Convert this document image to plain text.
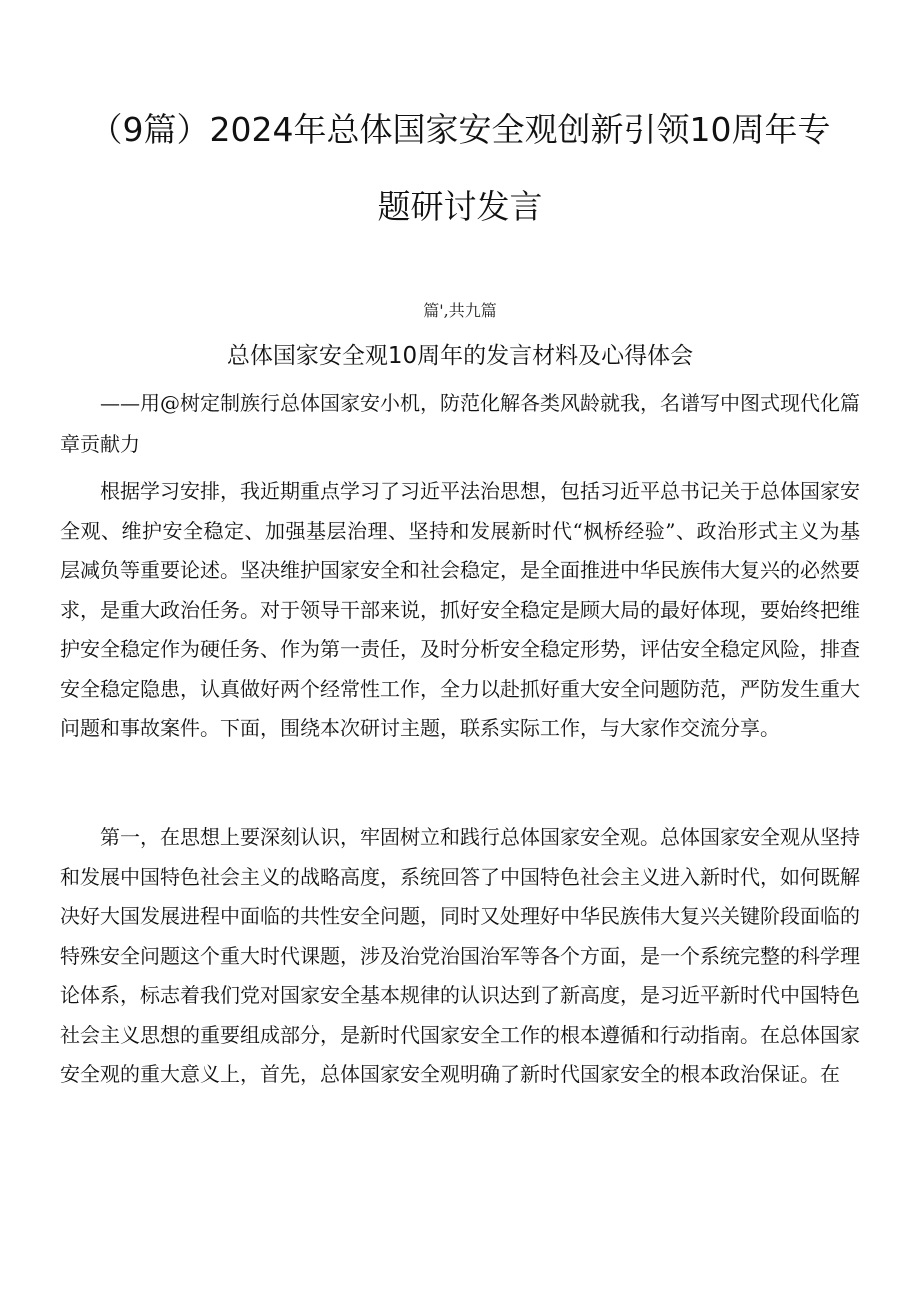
（9篇）2024年总体国家安全观创新引领10周年专
题研讨发言
篇',共九篇
总体国家安全观10周年的发言材料及心得体会
——用@树定制族行总体国家安小机，防范化解各类风龄就我，名谱写中图式现代化篇章贡献力

根据学习安排，我近期重点学习了习近平法治思想，包括习近平总书记关于总体国家安全观、维护安全稳定、加强基层治理、坚持和发展新时代“枫桥经验”、政治形式主义为基层减负等重要论述。坚决维护国家安全和社会稳定，是全面推进中华民族伟大复兴的必然要求，是重大政治任务。对于领导干部来说，抓好安全稳定是顾大局的最好体现，要始终把维护安全稳定作为硬任务、作为第一责任，及时分析安全稳定形势，评估安全稳定风险，排查安全稳定隐患，认真做好两个经常性工作，全力以赴抓好重大安全问题防范，严防发生重大问题和事故案件。下面，围绕本次研讨主题，联系实际工作，与大家作交流分享。

第一，在思想上要深刻认识，牢固树立和践行总体国家安全观。总体国家安全观从坚持和发展中国特色社会主义的战略高度，系统回答了中国特色社会主义进入新时代，如何既解决好大国发展进程中面临的共性安全问题，同时又处理好中华民族伟大复兴关键阶段面临的特殊安全问题这个重大时代课题，涉及治党治国治军等各个方面，是一个系统完整的科学理论体系，标志着我们党对国家安全基本规律的认识达到了新高度，是习近平新时代中国特色社会主义思想的重要组成部分，是新时代国家安全工作的根本遵循和行动指南。在总体国家安全观的重大意义上，首先，总体国家安全观明确了新时代国家安全的根本政治保证。在
